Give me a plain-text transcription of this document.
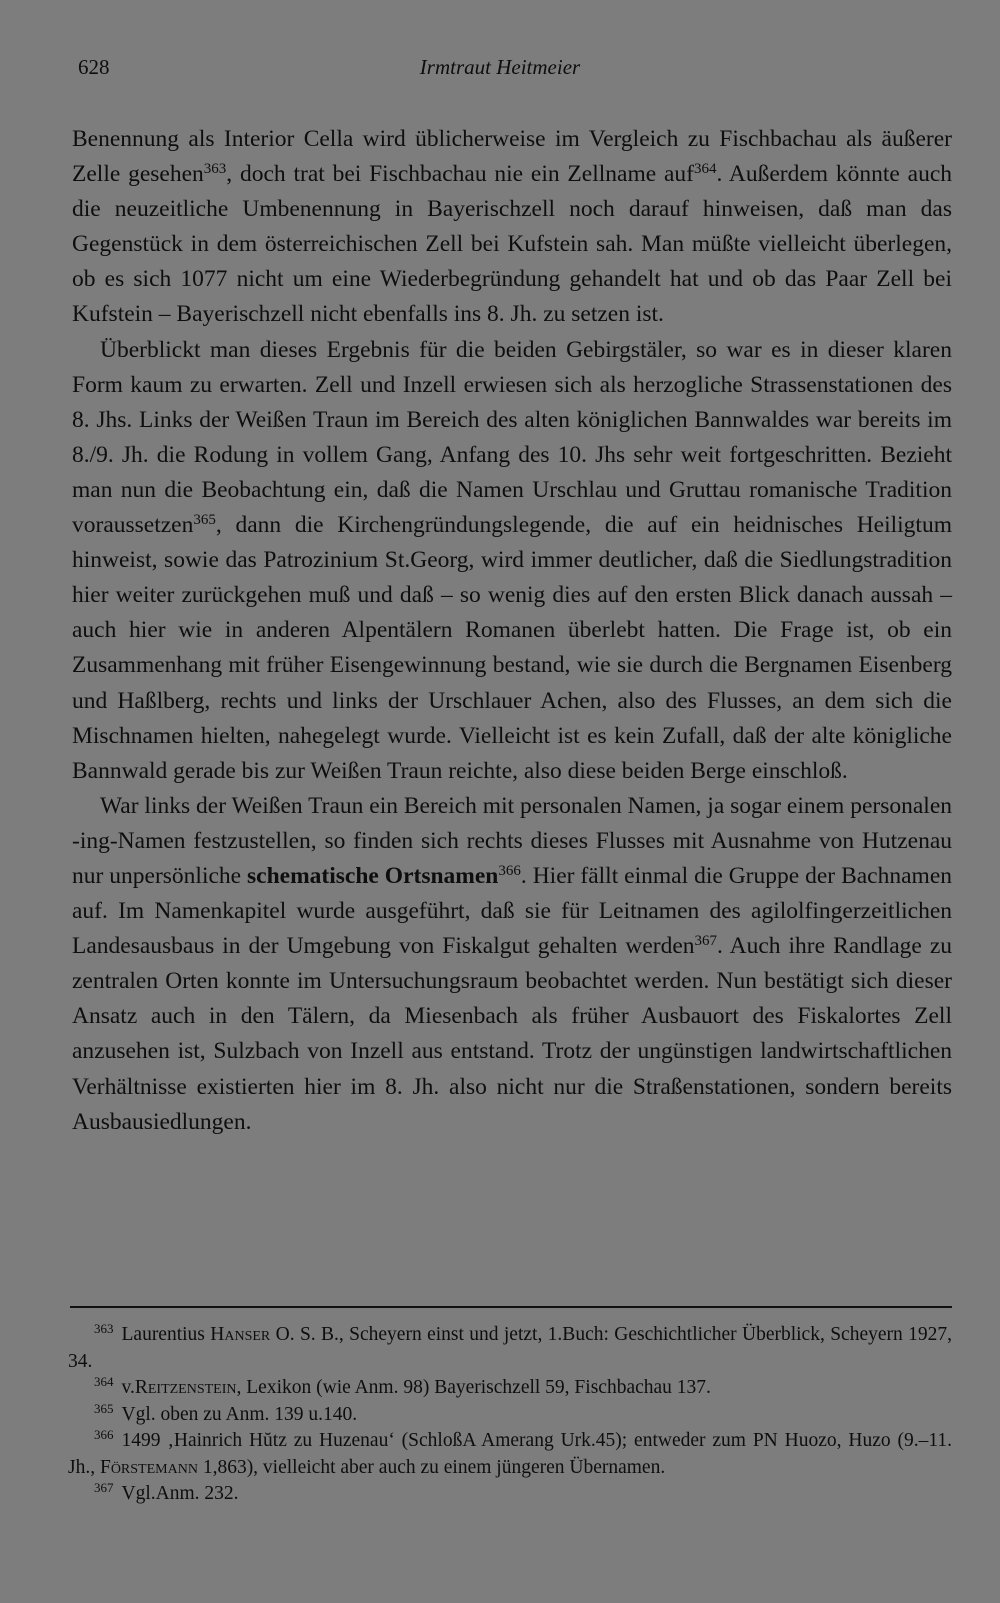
628	Irmtraut Heitmeier

Benennung als Interior Cella wird üblicherweise im Vergleich zu Fischbachau als äußerer Zelle gesehen$^{363}$, doch trat bei Fischbachau nie ein Zellname auf$^{364}$. Außerdem könnte auch die neuzeitliche Umbenennung in Bayerischzell noch darauf hinweisen, daß man das Gegenstück in dem österreichischen Zell bei Kufstein sah. Man müßte vielleicht überlegen, ob es sich 1077 nicht um eine Wiederbegründung gehandelt hat und ob das Paar Zell bei Kufstein – Bayerischzell nicht ebenfalls ins 8. Jh. zu setzen ist.

Überblickt man dieses Ergebnis für die beiden Gebirgstäler, so war es in dieser klaren Form kaum zu erwarten. Zell und Inzell erwiesen sich als herzogliche Strassenstationen des 8. Jhs. Links der Weißen Traun im Bereich des alten königlichen Bannwaldes war bereits im 8./9. Jh. die Rodung in vollem Gang, Anfang des 10. Jhs sehr weit fortgeschritten. Bezieht man nun die Beobachtung ein, daß die Namen Urschlau und Gruttau romanische Tradition voraussetzen$^{365}$, dann die Kirchengründungslegende, die auf ein heidnisches Heiligtum hinweist, sowie das Patrozinium St.Georg, wird immer deutlicher, daß die Siedlungstradition hier weiter zurückgehen muß und daß – so wenig dies auf den ersten Blick danach aussah – auch hier wie in anderen Alpentälern Romanen überlebt hatten. Die Frage ist, ob ein Zusammenhang mit früher Eisengewinnung bestand, wie sie durch die Bergnamen Eisenberg und Haßlberg, rechts und links der Urschlauer Achen, also des Flusses, an dem sich die Mischnamen hielten, nahegelegt wurde. Vielleicht ist es kein Zufall, daß der alte königliche Bannwald gerade bis zur Weißen Traun reichte, also diese beiden Berge einschloß.

War links der Weißen Traun ein Bereich mit personalen Namen, ja sogar einem personalen -ing-Namen festzustellen, so finden sich rechts dieses Flusses mit Ausnahme von Hutzenau nur unpersönliche schematische Ortsnamen$^{366}$. Hier fällt einmal die Gruppe der Bachnamen auf. Im Namenkapitel wurde ausgeführt, daß sie für Leitnamen des agilolfingerzeitlichen Landesausbaus in der Umgebung von Fiskalgut gehalten werden$^{367}$. Auch ihre Randlage zu zentralen Orten konnte im Untersuchungsraum beobachtet werden. Nun bestätigt sich dieser Ansatz auch in den Tälern, da Miesenbach als früher Ausbauort des Fiskalortes Zell anzusehen ist, Sulzbach von Inzell aus entstand. Trotz der ungünstigen landwirtschaftlichen Verhältnisse existierten hier im 8. Jh. also nicht nur die Straßenstationen, sondern bereits Ausbausiedlungen.

$^{363}$ Laurentius Hanser O. S. B., Scheyern einst und jetzt, 1.Buch: Geschichtlicher Überblick, Scheyern 1927, 34.

$^{364}$ v.Reitzenstein, Lexikon (wie Anm. 98) Bayerischzell 59, Fischbachau 137.

$^{365}$ Vgl. oben zu Anm. 139 u.140.

$^{366}$ 1499 ‚Hainrich Hŭtz zu Huzenau‘ (SchloßA Amerang Urk.45); entweder zum PN Huozo, Huzo (9.–11. Jh., Förstemann 1,863), vielleicht aber auch zu einem jüngeren Übernamen.

$^{367}$ Vgl.Anm. 232.
